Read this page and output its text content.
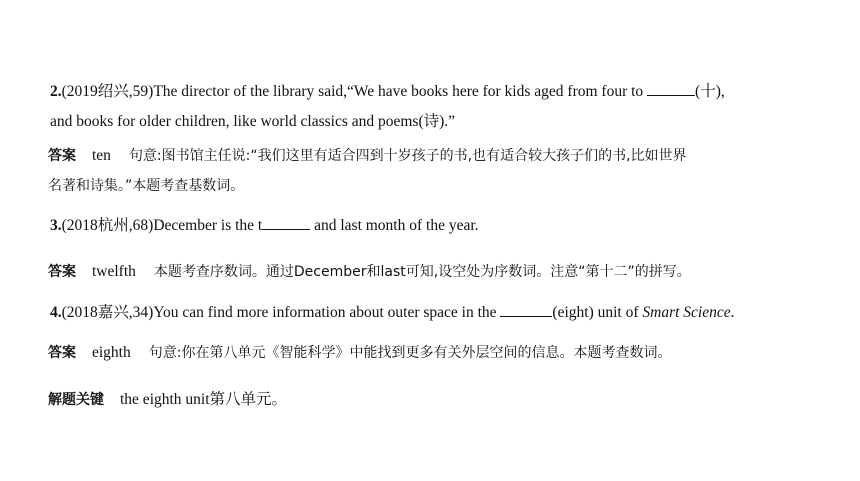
2.(2019绍兴,59)The director of the library said,“We have books here for kids aged from four to	(十),
and books for older children, like world classics and poems(诗).”
答案 ten 句意:图书馆主任说:“我们这里有适合四到十岁孩子的书,也有适合较大孩子们的书,比如世界
名著和诗集。”本题考查基数词。
3.(2018杭州,68)December is the t	and last month of the year.
答案 twelfth 本题考查序数词。通过December和last可知,设空处为序数词。注意“第十二”的拼写。
4.(2018嘉兴,34)You can find more information about outer space in the	(eight) unit of Smart Science.
答案 eighth 句意:你在第八单元《智能科学》中能找到更多有关外层空间的信息。本题考查数词。
解题关键 the eighth unit第八单元。
